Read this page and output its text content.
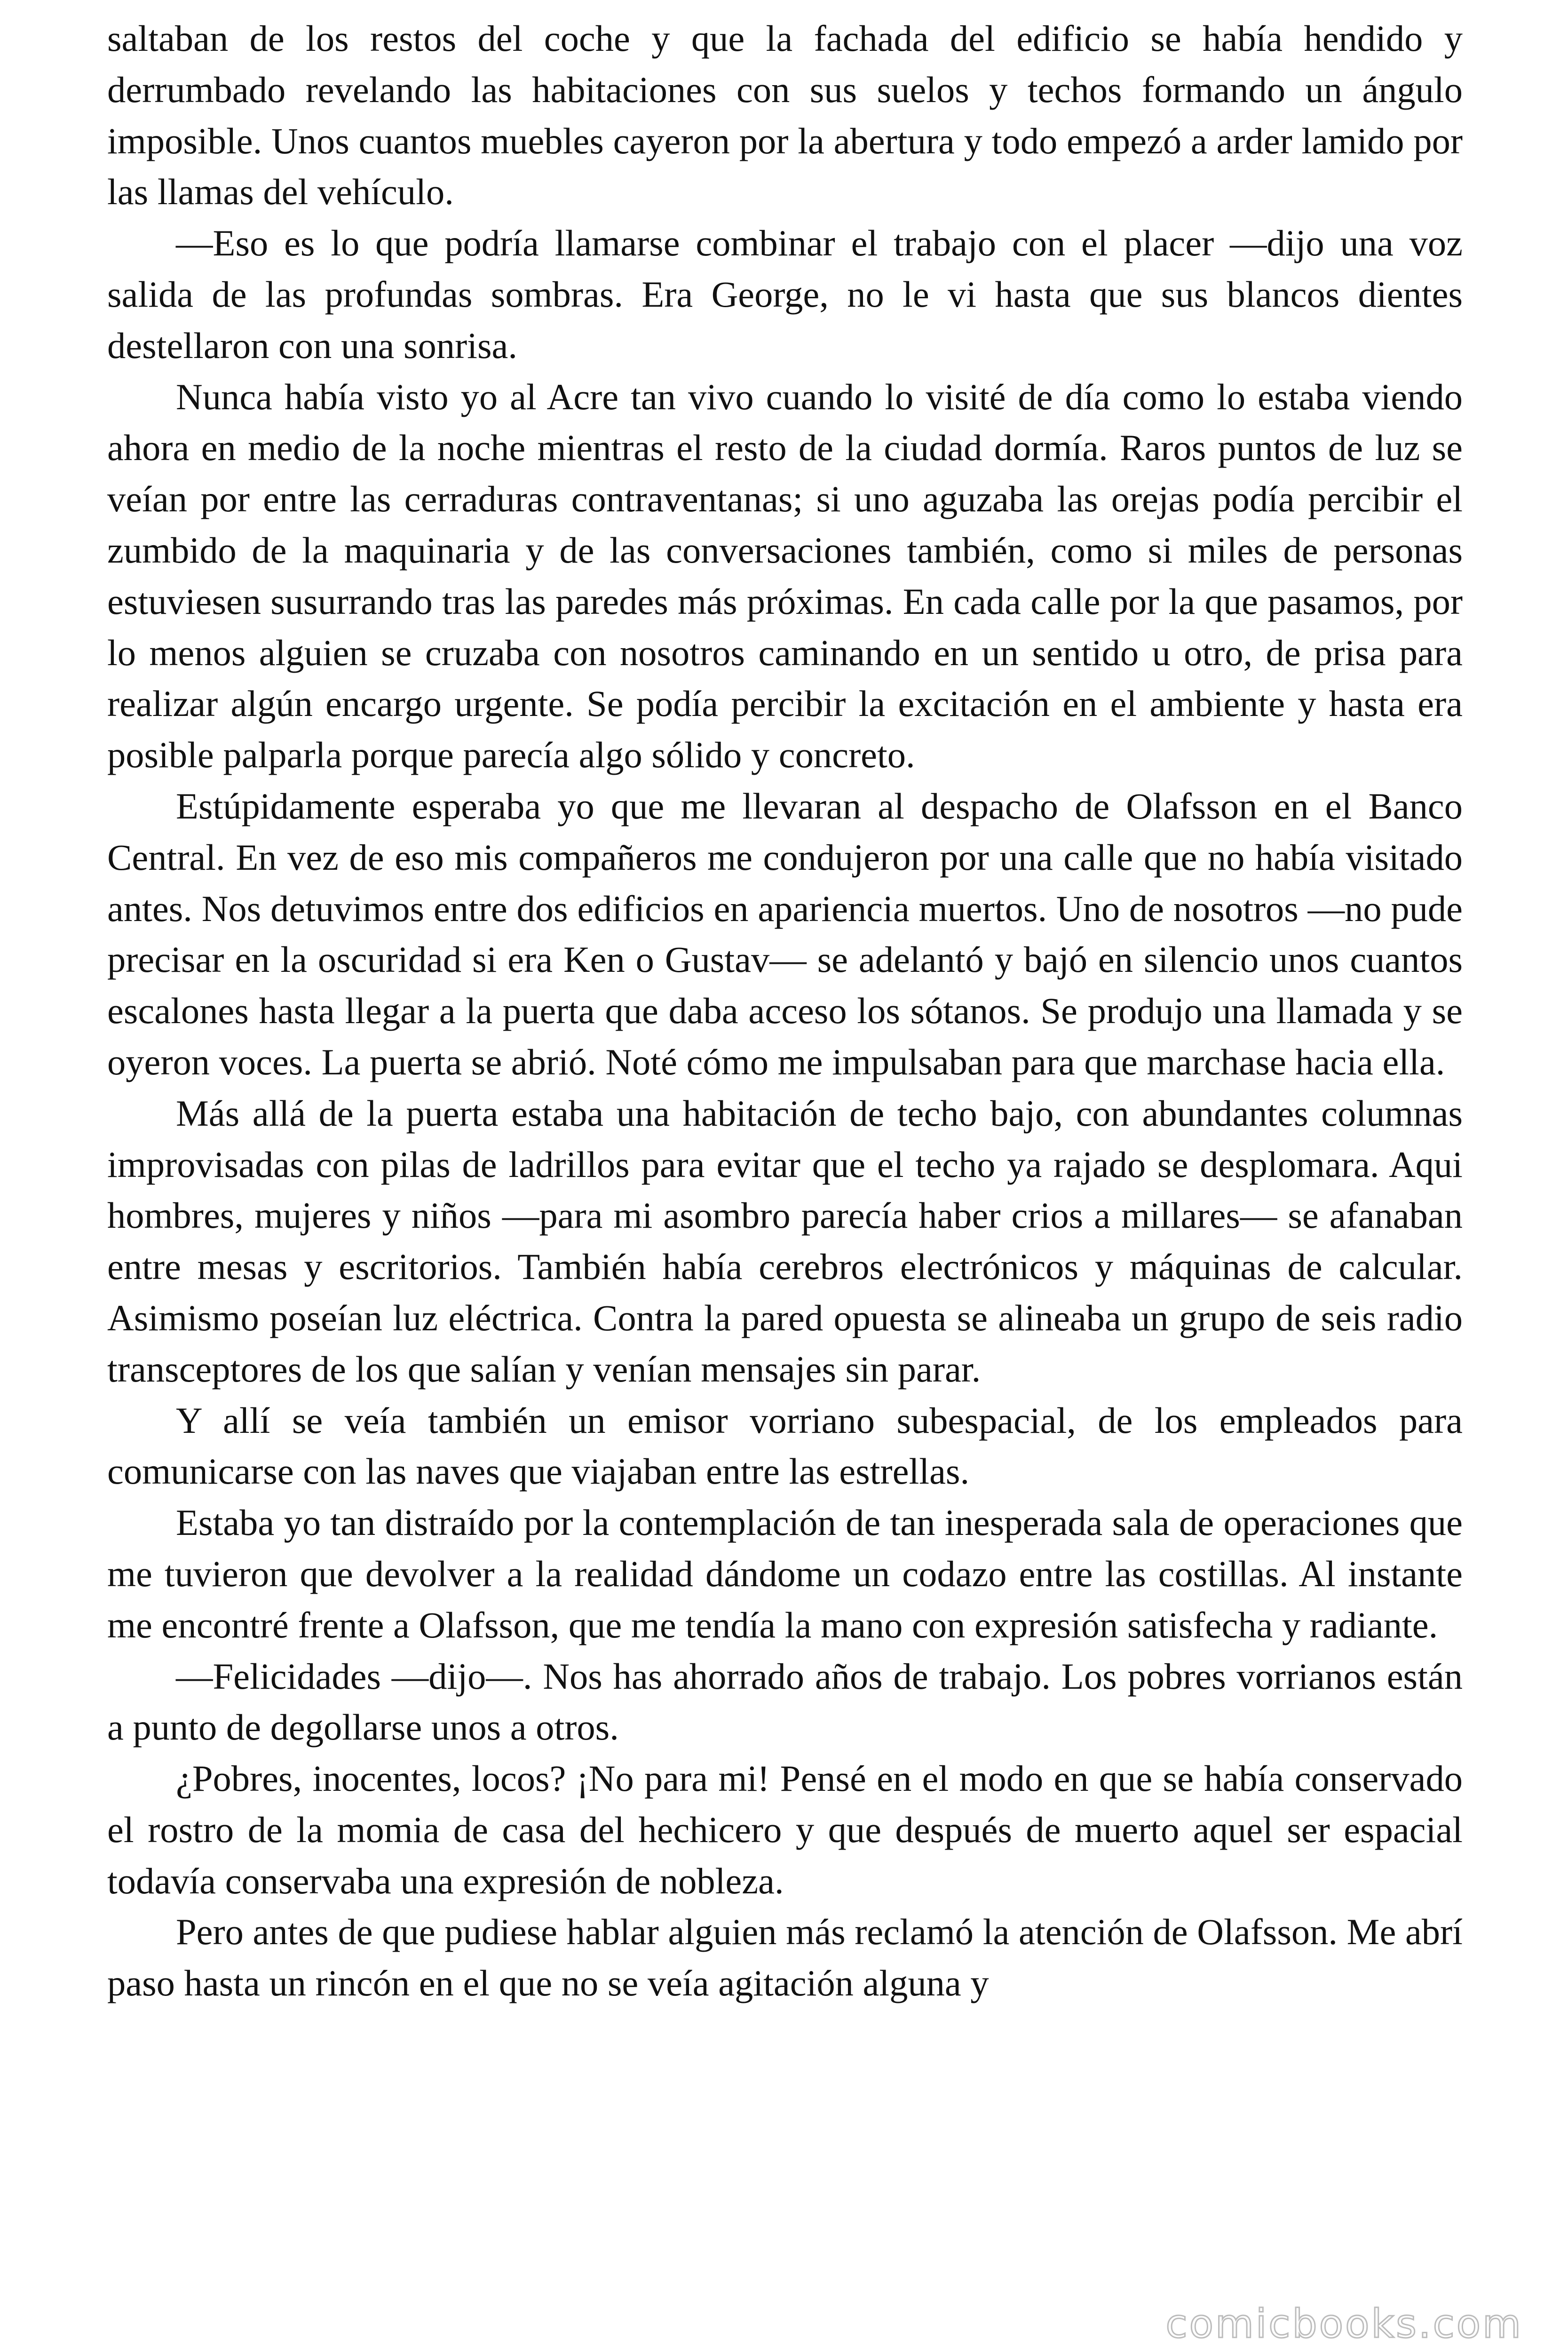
saltaban de los restos del coche y que la fachada del edificio se había hendido y derrumbado revelando las habitaciones con sus suelos y techos formando un ángulo imposible. Unos cuantos muebles cayeron por la abertura y todo empezó a arder lamido por las llamas del vehículo.

—Eso es lo que podría llamarse combinar el trabajo con el placer —dijo una voz salida de las profundas sombras. Era George, no le vi hasta que sus blancos dientes destellaron con una sonrisa.

Nunca había visto yo al Acre tan vivo cuando lo visité de día como lo estaba viendo ahora en medio de la noche mientras el resto de la ciudad dormía. Raros puntos de luz se veían por entre las cerraduras contraventanas; si uno aguzaba las orejas podía percibir el zumbido de la maquinaria y de las conversaciones también, como si miles de personas estuviesen susurrando tras las paredes más próximas. En cada calle por la que pasamos, por lo menos alguien se cruzaba con nosotros caminando en un sentido u otro, de prisa para realizar algún encargo urgente. Se podía percibir la excitación en el ambiente y hasta era posible palparla porque parecía algo sólido y concreto.

Estúpidamente esperaba yo que me llevaran al despacho de Olafsson en el Banco Central. En vez de eso mis compañeros me condujeron por una calle que no había visitado antes. Nos detuvimos entre dos edificios en apariencia muertos. Uno de nosotros —no pude precisar en la oscuridad si era Ken o Gustav— se adelantó y bajó en silencio unos cuantos escalones hasta llegar a la puerta que daba acceso los sótanos. Se produjo una llamada y se oyeron voces. La puerta se abrió. Noté cómo me impulsaban para que marchase hacia ella.

Más allá de la puerta estaba una habitación de techo bajo, con abundantes columnas improvisadas con pilas de ladrillos para evitar que el techo ya rajado se desplomara. Aqui hombres, mujeres y niños —para mi asombro parecía haber crios a millares— se afanaban entre mesas y escritorios. También había cerebros electrónicos y máquinas de calcular. Asimismo poseían luz eléctrica. Contra la pared opuesta se alineaba un grupo de seis radio transceptores de los que salían y venían mensajes sin parar.

Y allí se veía también un emisor vorriano subespacial, de los empleados para comunicarse con las naves que viajaban entre las estrellas.

Estaba yo tan distraído por la contemplación de tan inesperada sala de operaciones que me tuvieron que devolver a la realidad dándome un codazo entre las costillas. Al instante me encontré frente a Olafsson, que me tendía la mano con expresión satisfecha y radiante.

—Felicidades —dijo—. Nos has ahorrado años de trabajo. Los pobres vorrianos están a punto de degollarse unos a otros.

¿Pobres, inocentes, locos? ¡No para mi! Pensé en el modo en que se había conservado el rostro de la momia de casa del hechicero y que después de muerto aquel ser espacial todavía conservaba una expresión de nobleza.

Pero antes de que pudiese hablar alguien más reclamó la atención de Olafsson. Me abrí paso hasta un rincón en el que no se veía agitación alguna y

comicbooks.com
